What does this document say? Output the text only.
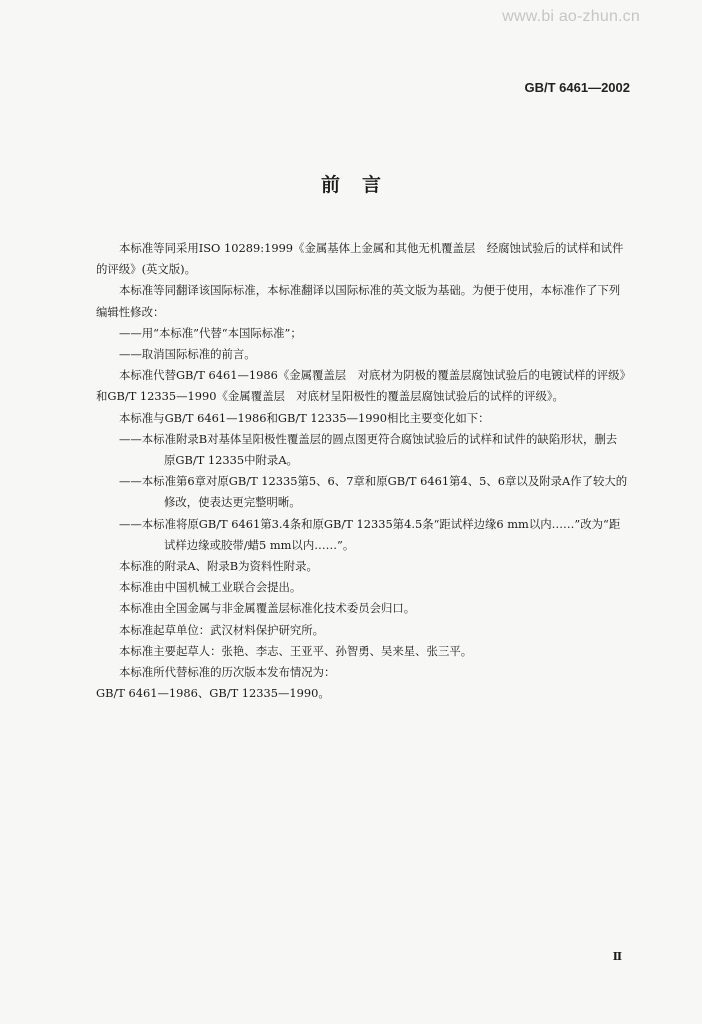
www.bi ao-zhun.cn
GB/T 6461—2002
前言

本标准等同采用ISO 10289:1999《金属基体上金属和其他无机覆盖层　经腐蚀试验后的试样和试件的评级》(英文版)。

本标准等同翻译该国际标准，本标准翻译以国际标准的英文版为基础。为便于使用，本标准作了下列编辑性修改：

——用“本标准”代替“本国际标准”；

——取消国际标准的前言。

本标准代替GB/T 6461—1986《金属覆盖层　对底材为阴极的覆盖层腐蚀试验后的电镀试样的评级》和GB/T 12335—1990《金属覆盖层　对底材呈阳极性的覆盖层腐蚀试验后的试样的评级》。

本标准与GB/T 6461—1986和GB/T 12335—1990相比主要变化如下：

——本标准附录B对基体呈阳极性覆盖层的圆点图更符合腐蚀试验后的试样和试件的缺陷形状，删去原GB/T 12335中附录A。

——本标准第6章对原GB/T 12335第5、6、7章和原GB/T 6461第4、5、6章以及附录A作了较大的修改，使表达更完整明晰。

——本标准将原GB/T 6461第3.4条和原GB/T 12335第4.5条“距试样边缘6 mm以内……”改为“距试样边缘或胶带/蜡5 mm以内……”。

本标准的附录A、附录B为资料性附录。

本标准由中国机械工业联合会提出。

本标准由全国金属与非金属覆盖层标准化技术委员会归口。

本标准起草单位：武汉材料保护研究所。

本标准主要起草人：张艳、李志、王亚平、孙智勇、吴来星、张三平。

本标准所代替标准的历次版本发布情况为：

GB/T 6461—1986、GB/T 12335—1990。

Ⅱ
